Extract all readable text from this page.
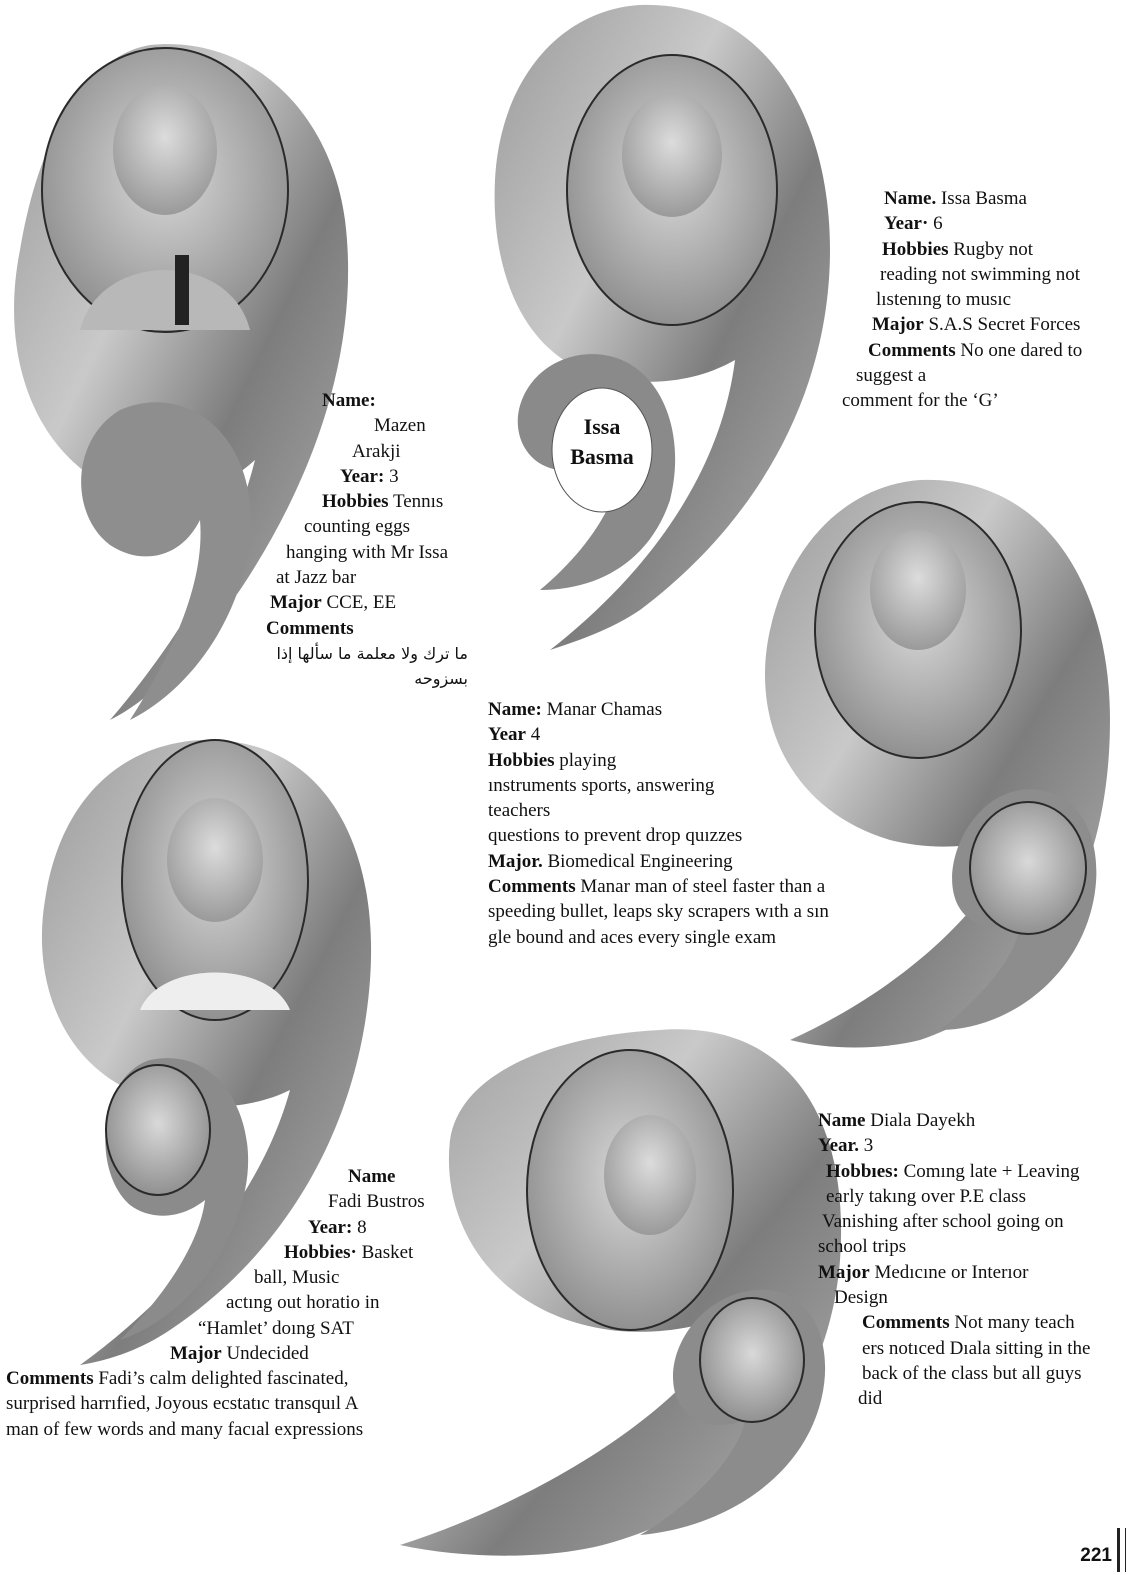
Name:
Mazen
Arakji
Year: 3
Hobbies Tennıs
counting eggs
hanging with Mr Issa
at Jazz bar
Major CCE, EE
Comments
ما ترك ولا معلمة ما سألها إذا
بسزوحه
Issa
Basma
Name. Issa Basma
Year· 6
Hobbies Rugby not
reading not swimming not
lıstenıng to musıc
Major S.A.S Secret Forces
Comments No one dared to
suggest a
comment for the ‘G’
Name: Manar Chamas
Year 4
Hobbies playing
ınstruments sports, answering
teachers
questions to prevent drop quızzes
Major. Biomedical Engineering
Comments Manar man of steel faster than a
speeding bullet, leaps sky scrapers wıth a sın
gle bound and aces every single exam
Name
Fadi Bustros
Year: 8
Hobbies· Basket
ball, Music
actıng out horatio in
“Hamlet’ doıng SAT
Major Undecided
Comments Fadi’s calm delighted fascinated,
surprised harrıfied, Joyous ecstatıc transquıl A
man of few words and many facıal expressions
Name Diala Dayekh
Year. 3
Hobbıes: Comıng late + Leaving
early takıng over P.E class
Vanishing after school going on
school trips
Major Medıcıne or Interıor
Design
Comments Not many teach
ers notıced Dıala sitting in the
back of the class but all guys
did
221
